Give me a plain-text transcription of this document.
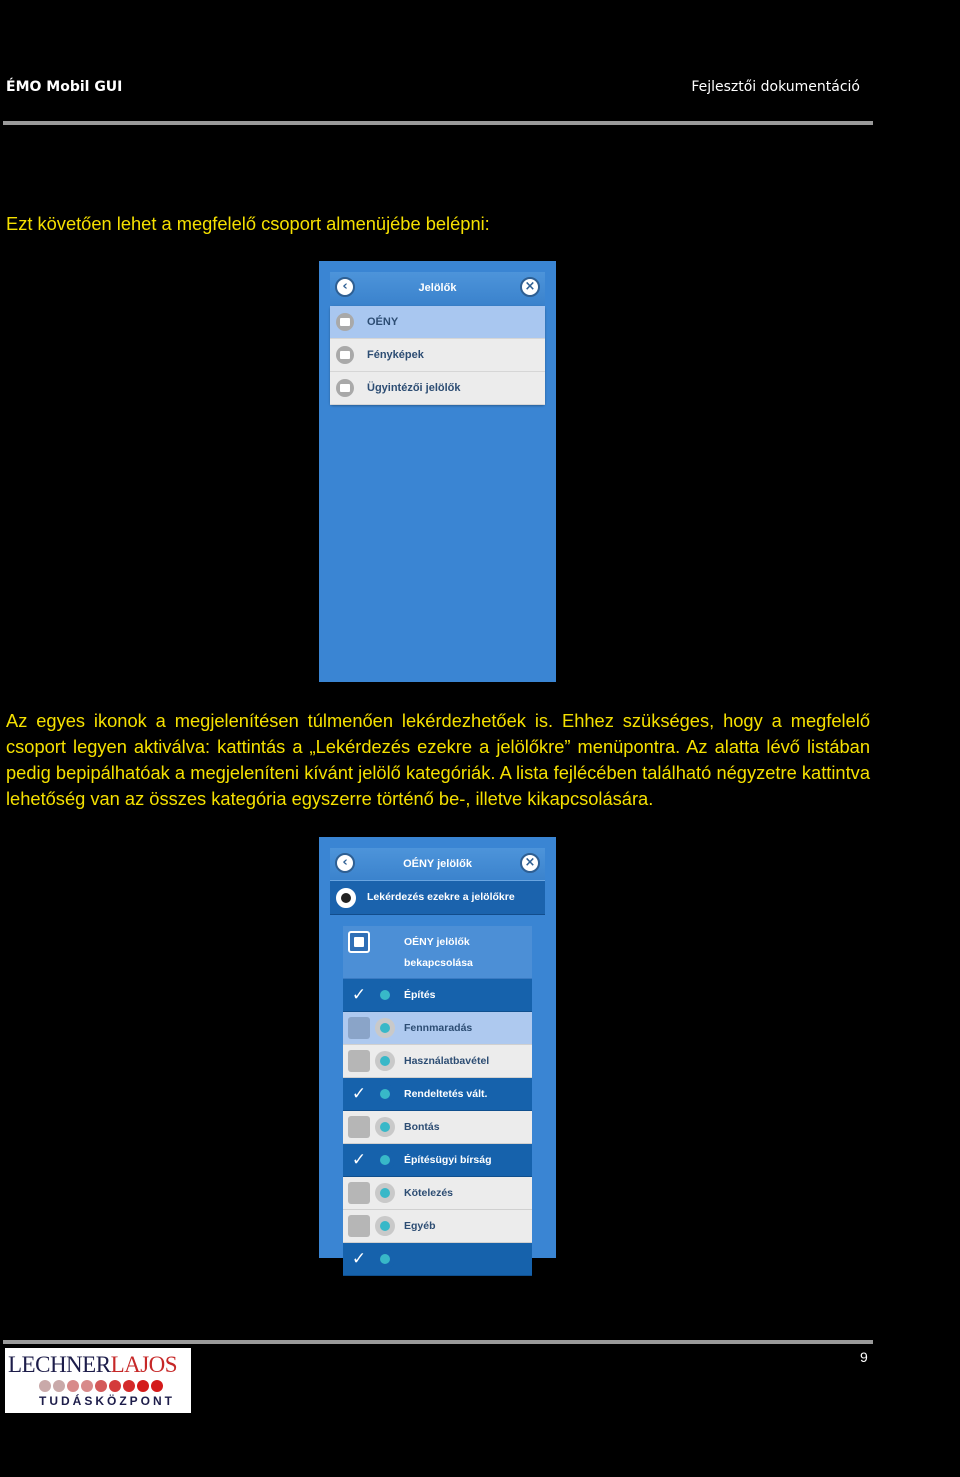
ÉMO Mobil GUI	Fejlesztői dokumentáció
Ezt követően lehet a megfelelő csoport almenüjébe belépni:
‹	Jelölők	×
OÉNY
Fényképek
Ügyintézői jelölők
Az egyes ikonok a megjelenítésen túlmenően lekérdezhetőek is. Ehhez szükséges, hogy a megfelelő csoport legyen aktiválva: kattintás a „Lekérdezés ezekre a jelölőkre” menüpontra. Az alatta lévő listában pedig bepipálhatóak a megjeleníteni kívánt jelölő kategóriák. A lista fejlécében található négyzetre kattintva lehetőség van az összes kategória egyszerre történő be-, illetve kikapcsolására.
‹	OÉNY jelölők	×
Lekérdezés ezekre a jelölőkre
OÉNY jelölők
bekapcsolása
✓	Építés
Fennmaradás
Használatbavétel
✓	Rendeltetés vált.
Bontás
✓	Építésügyi bírság
Kötelezés
Egyéb
✓
LECHNERLAJOS
TUDÁSKÖZPONT
9
